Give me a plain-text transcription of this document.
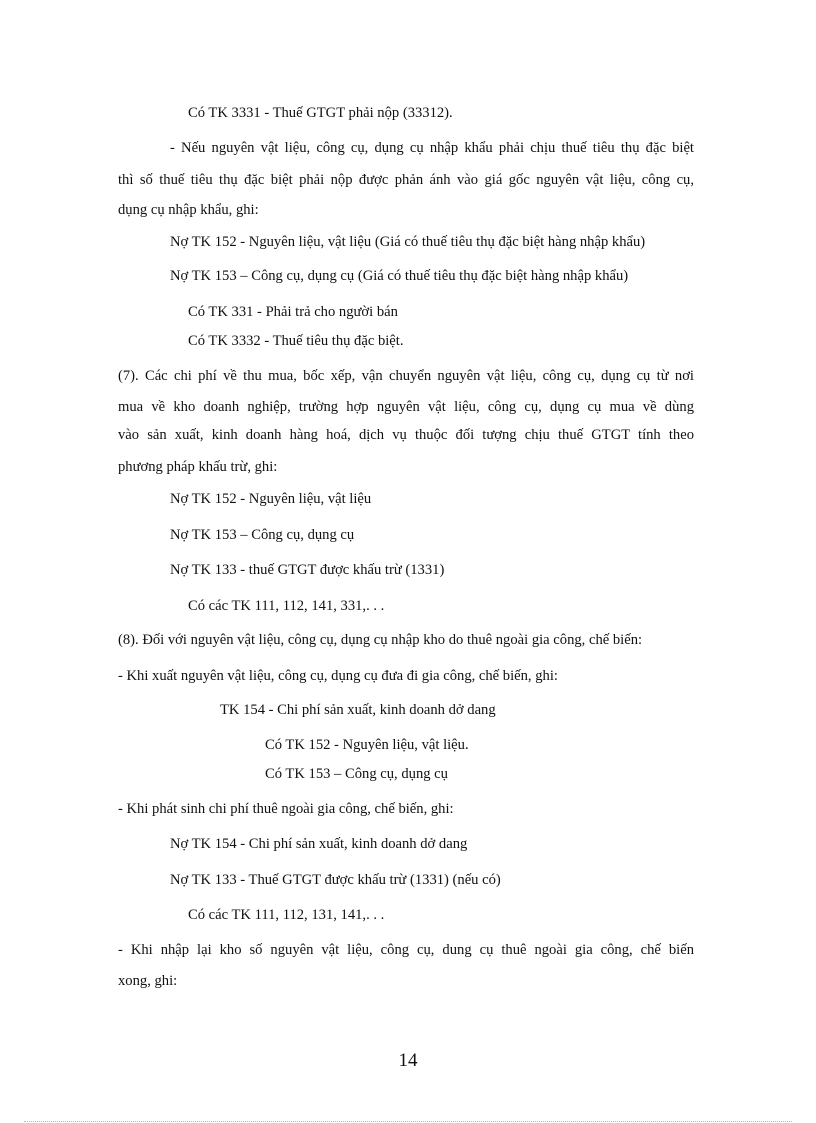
Có TK 3331 - Thuế GTGT phải nộp (33312).
- Nếu nguyên vật liệu, công cụ, dụng cụ nhập khẩu phải chịu thuế tiêu thụ đặc biệt
thì số thuế tiêu thụ đặc biệt phải nộp được phản ánh vào giá gốc nguyên vật liệu, công cụ,
dụng cụ nhập khẩu, ghi:
Nợ TK 152 - Nguyên liệu, vật liệu (Giá có thuế tiêu thụ đặc biệt hàng nhập khẩu)
Nợ TK 153 – Công cụ, dụng cụ (Giá có thuế tiêu thụ đặc biệt hàng nhập khẩu)
Có TK 331 - Phải trả cho người bán
Có TK 3332 - Thuế tiêu thụ đặc biệt.
(7). Các chi phí về thu mua, bốc xếp, vận chuyển nguyên vật liệu, công cụ, dụng cụ từ nơi
mua về kho doanh nghiệp, trường hợp nguyên vật liệu, công cụ, dụng cụ mua về dùng
vào sản xuất, kinh doanh hàng hoá, dịch vụ thuộc đối tượng chịu thuế GTGT tính theo
phương pháp khấu trừ, ghi:
Nợ TK 152 - Nguyên liệu, vật liệu
Nợ TK 153 – Công cụ, dụng cụ
Nợ TK 133 - thuế GTGT được khấu trừ (1331)
Có các TK 111, 112, 141, 331,. . .
(8). Đối với nguyên vật liệu, công cụ, dụng cụ nhập kho do thuê ngoài gia công, chế biến:
- Khi xuất nguyên vật liệu, công cụ, dụng cụ đưa đi gia công, chế biến, ghi:
TK 154 - Chi phí sản xuất, kinh doanh dở dang
Có TK 152 - Nguyên liệu, vật liệu.
Có TK 153 – Công cụ, dụng cụ
- Khi phát sinh chi phí thuê ngoài gia công, chế biến, ghi:
Nợ TK 154 - Chi phí sản xuất, kinh doanh dở dang
Nợ TK 133 - Thuế GTGT được khấu trừ (1331) (nếu có)
Có các TK 111, 112, 131, 141,. . .
- Khi nhập lại kho số nguyên vật liệu, công cụ, dung cụ thuê ngoài gia công, chế biến
xong, ghi:
14
